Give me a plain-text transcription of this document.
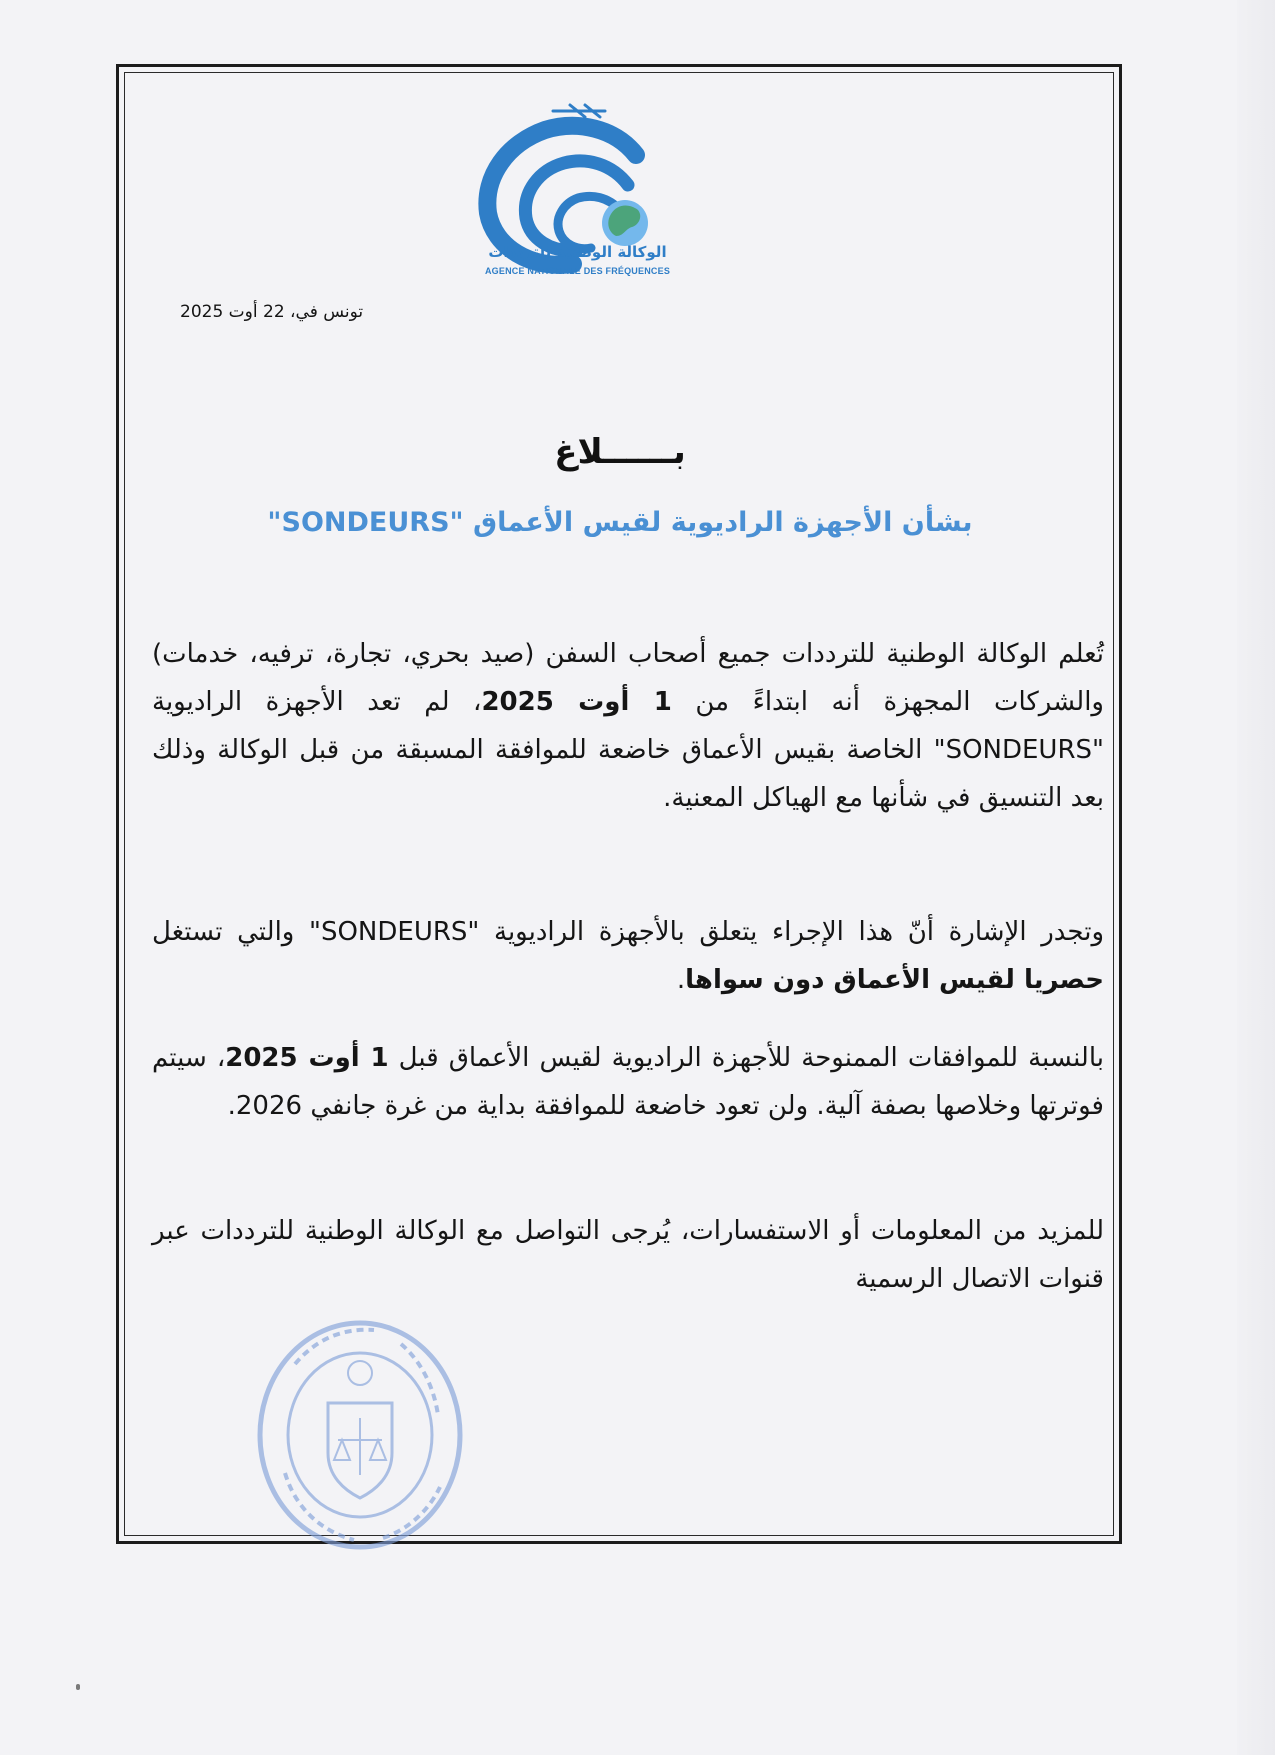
الوكالة الوطنية للترددات
AGENCE NATIONALE DES FRÉQUENCES
تونس في، 22 أوت 2025
بــــــلاغ
بشأن الأجهزة الراديوية لقيس الأعماق "SONDEURS"
تُعلم الوكالة الوطنية للترددات جميع أصحاب السفن (صيد بحري، تجارة، ترفيه، خدمات) والشركات المجهزة أنه ابتداءً من 1 أوت 2025، لم تعد الأجهزة الراديوية "SONDEURS" الخاصة بقيس الأعماق خاضعة للموافقة المسبقة من قبل الوكالة وذلك بعد التنسيق في شأنها مع الهياكل المعنية.
وتجدر الإشارة أنّ هذا الإجراء يتعلق بالأجهزة الراديوية "SONDEURS" والتي تستغل حصريا لقيس الأعماق دون سواها.
بالنسبة للموافقات الممنوحة للأجهزة الراديوية لقيس الأعماق قبل 1 أوت 2025، سيتم فوترتها وخلاصها بصفة آلية. ولن تعود خاضعة للموافقة بداية من غرة جانفي 2026.
للمزيد من المعلومات أو الاستفسارات، يُرجى التواصل مع الوكالة الوطنية للترددات عبر قنوات الاتصال الرسمية
